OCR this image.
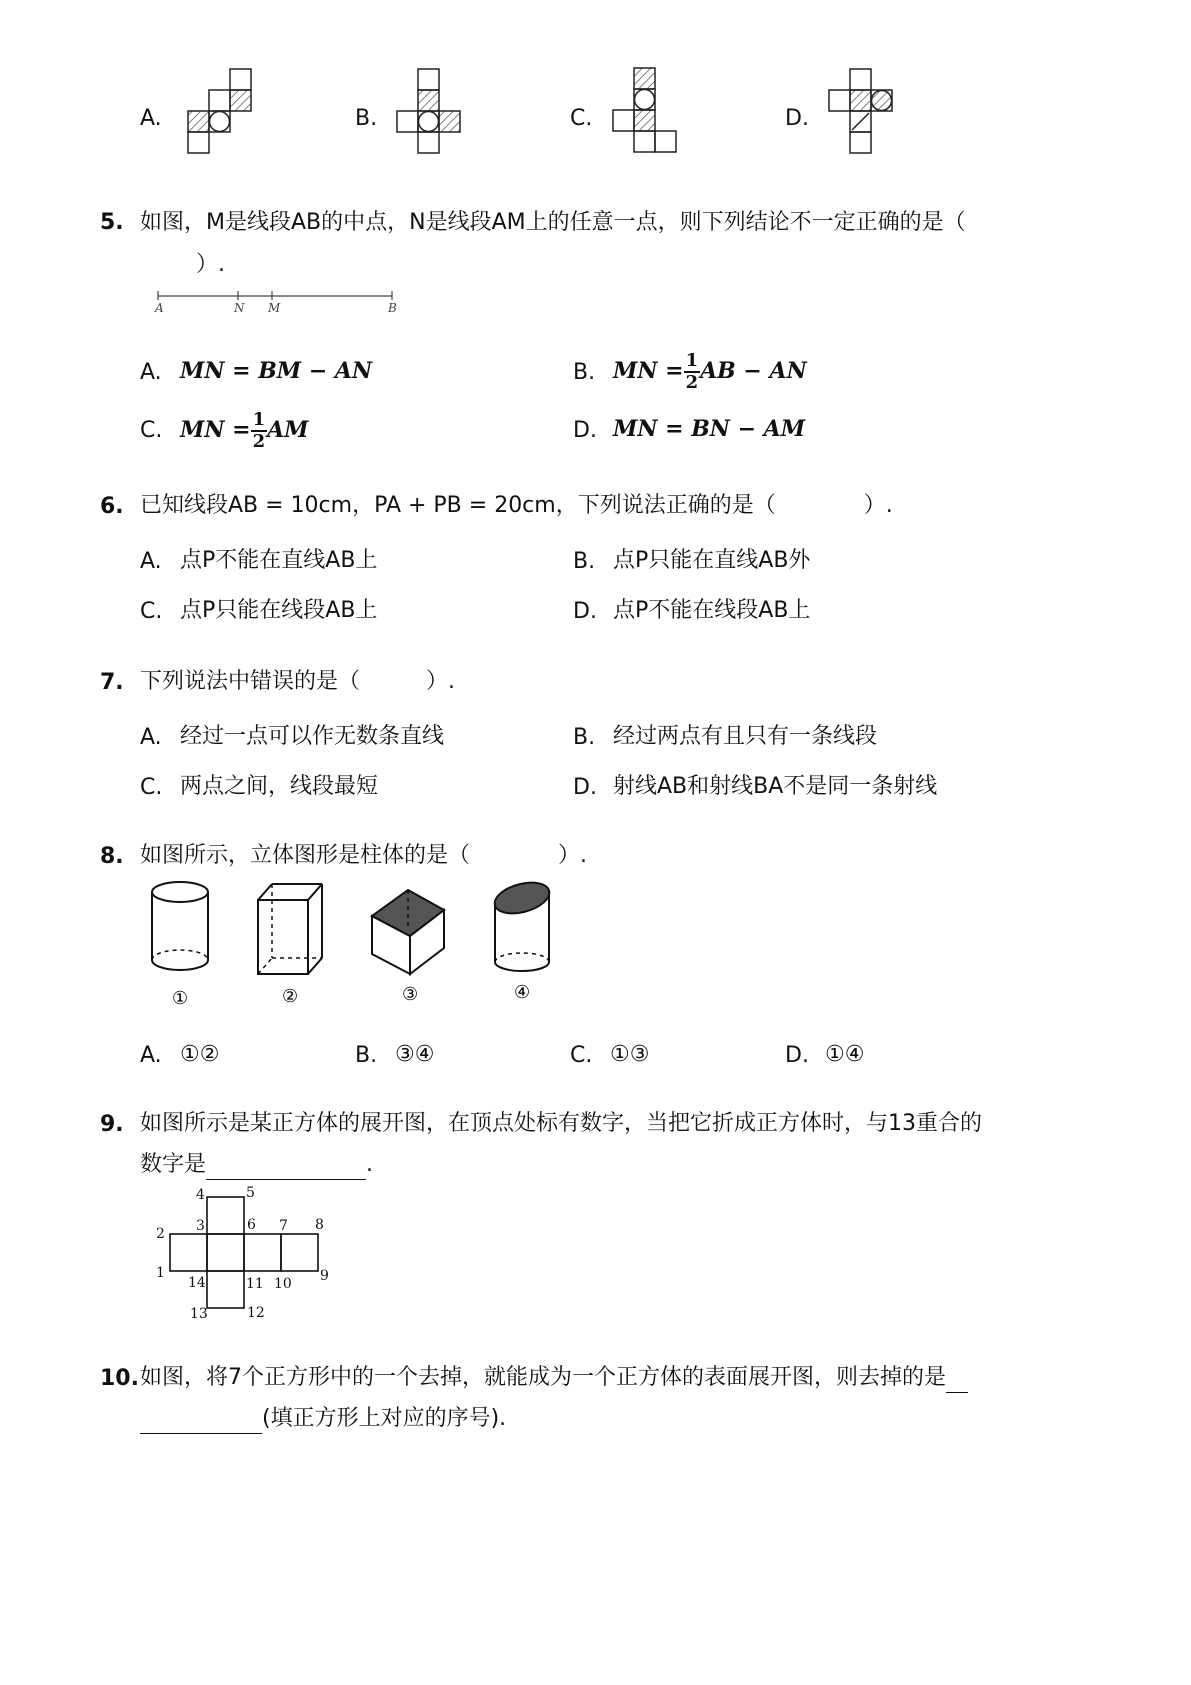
A.	B.	C.	D.
5. 如图，M是线段AB的中点，N是线段AM上的任意一点，则下列结论不一定正确的是（
）.
A	N M	B
A. MN = BM − AN	B. MN = $\frac{1}{2}$ AB − AN
C. MN = $\frac{1}{2}$ AM	D. MN = BN − AM
6. 已知线段AB = 10cm，PA + PB = 20cm，下列说法正确的是（　　　　）.
A. 点P不能在直线AB上	B. 点P只能在直线AB外
C. 点P只能在线段AB上	D. 点P不能在线段AB上
7. 下列说法中错误的是（　　　）.
A. 经过一点可以作无数条直线	B. 经过两点有且只有一条线段
C. 两点之间，线段最短	D. 射线AB和射线BA不是同一条射线
8. 如图所示，立体图形是柱体的是（　　　　）.
①	②	③	④
A. ①②	B. ③④	C. ①③	D. ①④
9. 如图所示是某正方体的展开图，在顶点处标有数字，当把它折成正方体时，与13重合的
数字是	.
1
2 3
4	5
6 7 8
9
10
11
12
13
14
10. 如图，将7个正方形中的一个去掉，就能成为一个正方体的表面展开图，则去掉的是
(填正方形上对应的序号).
